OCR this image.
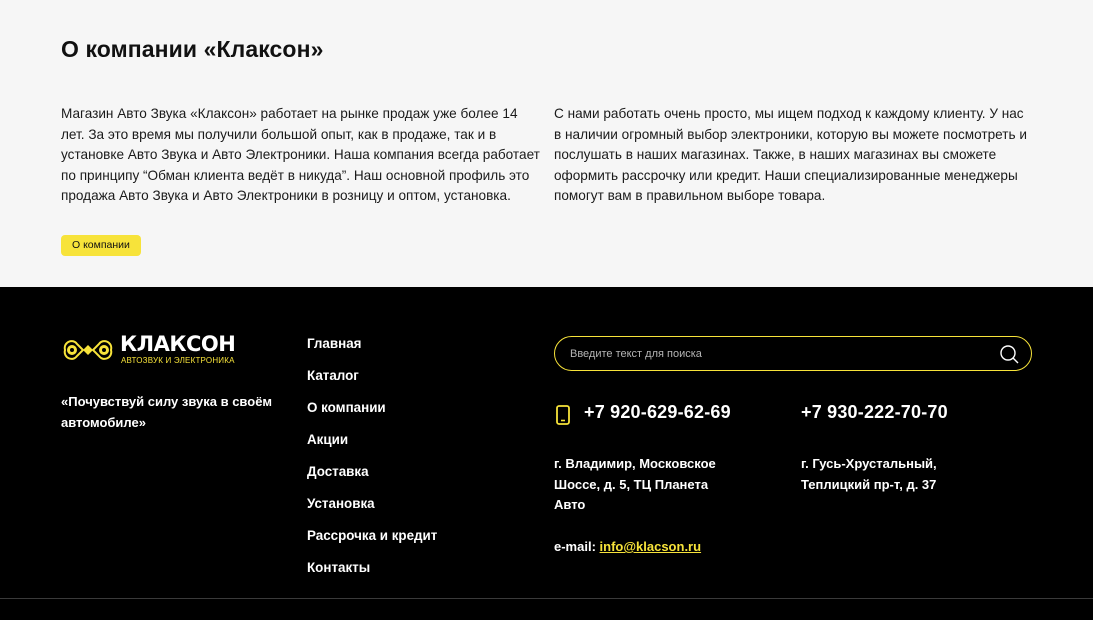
О компании «Клаксон»

Магазин Авто Звука «Клаксон» работает на рынке продаж уже более 14 лет. За это время мы получили большой опыт, как в продаже, так и в установке Авто Звука и Авто Электроники. Наша компания всегда работает по принципу “Обман клиента ведёт в никуда”. Наш основной профиль это продажа Авто Звука и Авто Электроники в розницу и оптом, установка.

С нами работать очень просто, мы ищем подход к каждому клиенту. У нас в наличии огромный выбор электроники, которую вы можете посмотреть и послушать в наших магазинах. Также, в наших магазинах вы сможете оформить рассрочку или кредит. Наши специализированные менеджеры помогут вам в правильном выборе товара.

О компании
КЛАКСОН
АВТОЗВУК И ЭЛЕКТРОНИКА

«Почувствуй силу звука в своём автомобиле»

Главная
Каталог
О компании
Акции
Доставка
Установка
Рассрочка и кредит
Контакты
Введите текст для поиска
+7 920-629-62-69	+7 930-222-70-70

г. Владимир, Московское Шоссе, д. 5, ТЦ Планета Авто

г. Гусь-Хрустальный, Теплицкий пр-т, д. 37

e-mail: info@klacson.ru
